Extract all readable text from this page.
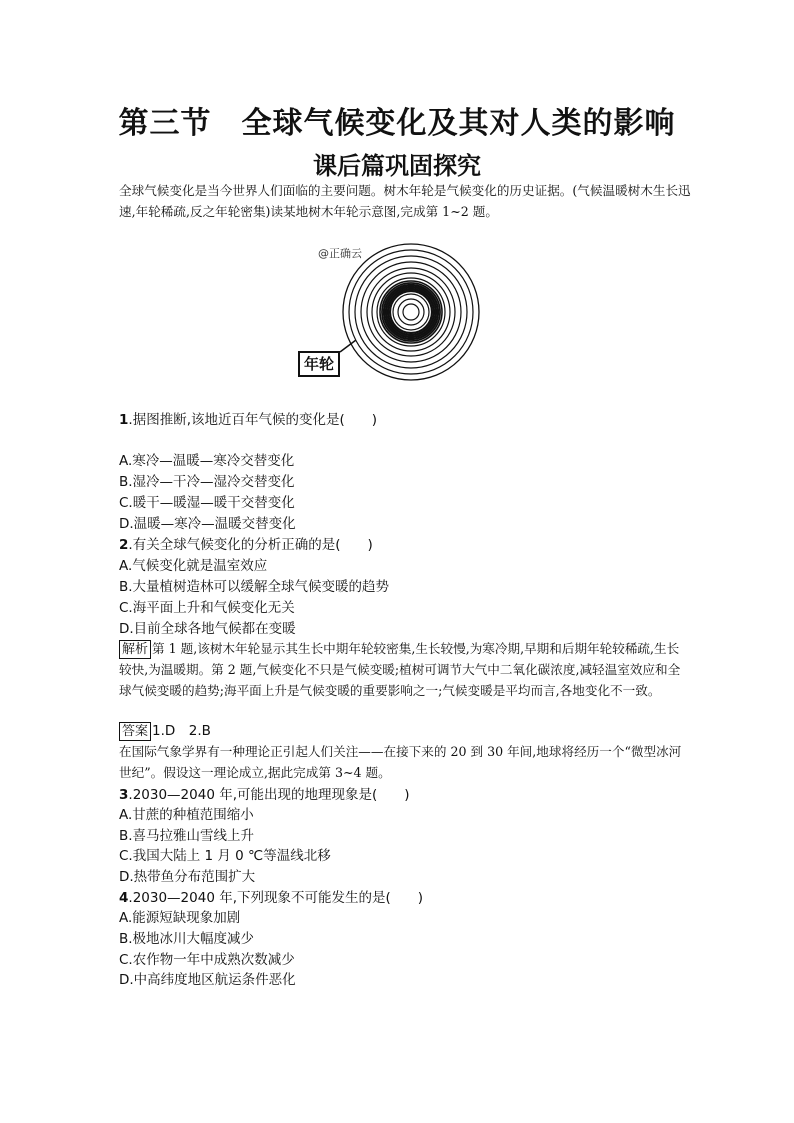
第三节 全球气候变化及其对人类的影响
课后篇巩固探究
全球气候变化是当今世界人们面临的主要问题。树木年轮是气候变化的历史证据。(气候温暖树木生长迅速,年轮稀疏,反之年轮密集)读某地树木年轮示意图,完成第 1~2 题。
@正确云
年轮
1.据图推断,该地近百年气候的变化是(　　)
A.寒冷—温暖—寒冷交替变化
B.湿冷—干冷—湿冷交替变化
C.暖干—暖湿—暖干交替变化
D.温暖—寒冷—温暖交替变化
2.有关全球气候变化的分析正确的是(　　)
A.气候变化就是温室效应
B.大量植树造林可以缓解全球气候变暖的趋势
C.海平面上升和气候变化无关
D.目前全球各地气候都在变暖
解析 第 1 题,该树木年轮显示其生长中期年轮较密集,生长较慢,为寒冷期,早期和后期年轮较稀疏,生长较快,为温暖期。第 2 题,气候变化不只是气候变暖;植树可调节大气中二氧化碳浓度,减轻温室效应和全球气候变暖的趋势;海平面上升是气候变暖的重要影响之一;气候变暖是平均而言,各地变化不一致。
答案 1.D　2.B
在国际气象学界有一种理论正引起人们关注——在接下来的 20 到 30 年间,地球将经历一个“微型冰河世纪”。假设这一理论成立,据此完成第 3~4 题。
3.2030—2040 年,可能出现的地理现象是(　　)
A.甘蔗的种植范围缩小
B.喜马拉雅山雪线上升
C.我国大陆上 1 月 0 ℃等温线北移
D.热带鱼分布范围扩大
4.2030—2040 年,下列现象不可能发生的是(　　)
A.能源短缺现象加剧
B.极地冰川大幅度减少
C.农作物一年中成熟次数减少
D.中高纬度地区航运条件恶化
